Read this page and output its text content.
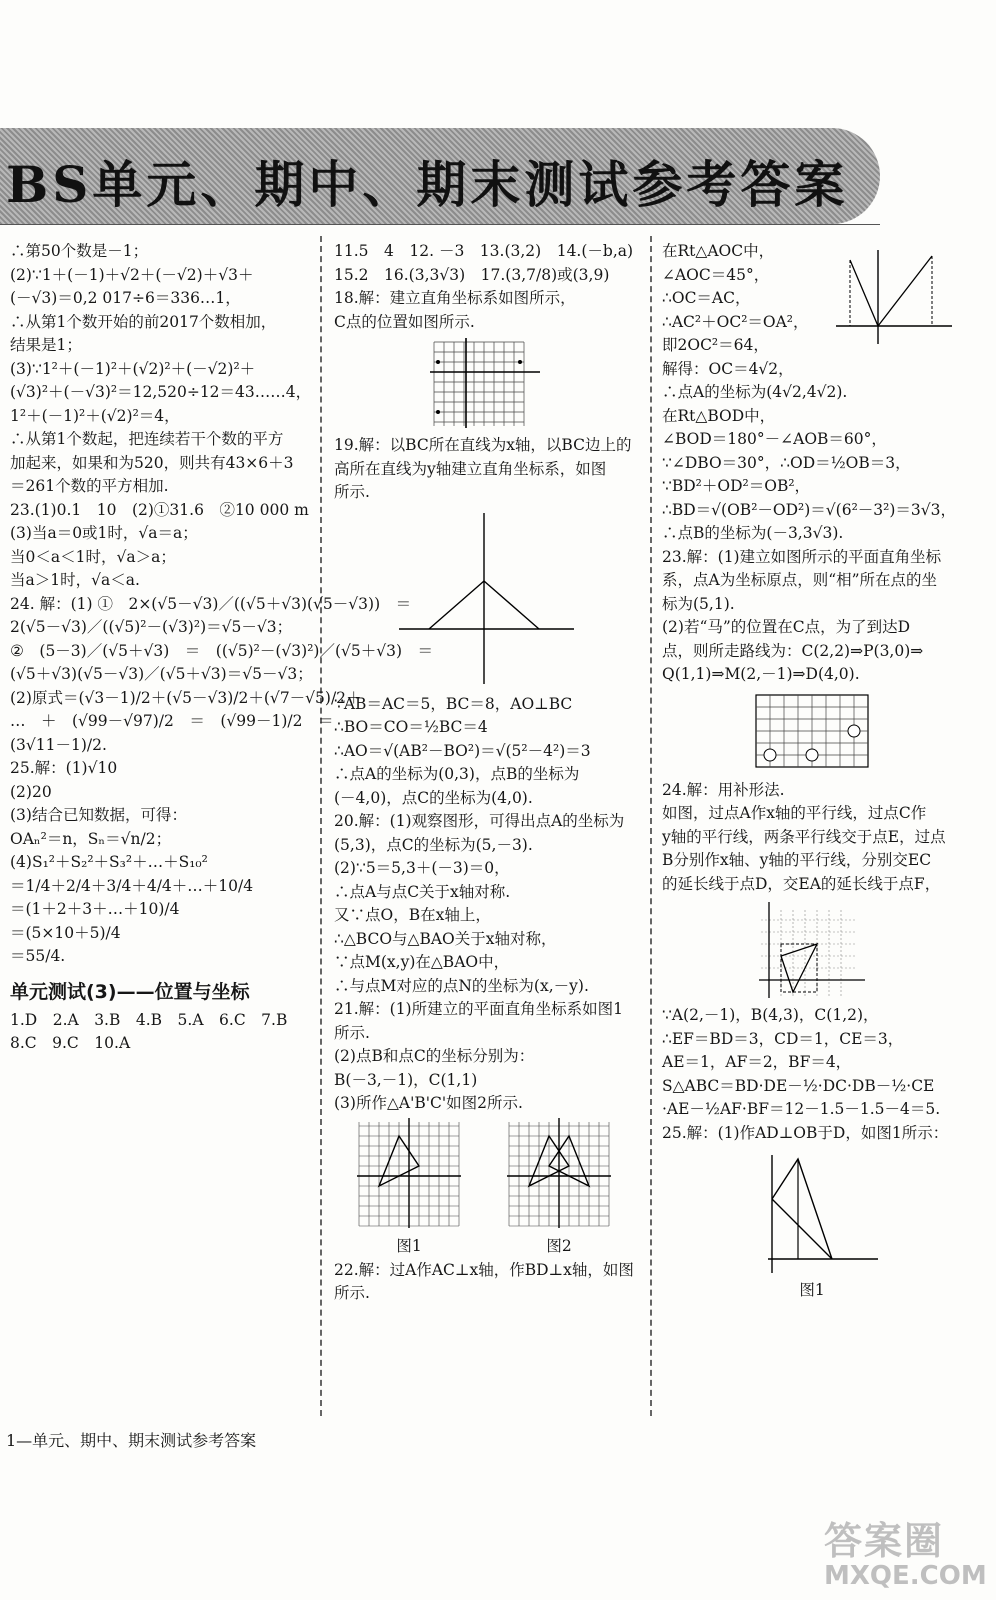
BS单元、期中、期末测试参考答案
∴第50个数是－1；
(2)∵1＋(－1)＋√2＋(－√2)＋√3＋
(－√3)＝0,2 017÷6＝336…1，
∴从第1个数开始的前2017个数相加，
结果是1；
(3)∵1²＋(－1)²＋(√2)²＋(－√2)²＋
(√3)²＋(－√3)²＝12,520÷12＝43……4，
1²＋(－1)²＋(√2)²＝4，
∴从第1个数起，把连续若干个数的平方
加起来，如果和为520，则共有43×6＋3
＝261个数的平方相加.
23.(1)0.1　10　(2)①31.6　②10 000 m
(3)当a＝0或1时，√a＝a；
当0＜a＜1时，√a＞a；
当a＞1时，√a＜a.
24. 解：(1) ①　2×(√5－√3)／((√5＋√3)(√5－√3))　＝
2(√5－√3)／((√5)²－(√3)²)＝√5－√3；
②　(5－3)／(√5＋√3)　＝　((√5)²－(√3)²)／(√5＋√3)　＝
(√5＋√3)(√5－√3)／(√5＋√3)＝√5－√3；
(2)原式＝(√3－1)/2＋(√5－√3)/2＋(√7－√5)/2＋
…　＋　(√99－√97)/2　＝　(√99－1)/2　＝
(3√11－1)/2.
25.解：(1)√10
(2)20
(3)结合已知数据，可得：
OAₙ²＝n，Sₙ＝√n/2；
(4)S₁²＋S₂²＋S₃²＋…＋S₁₀²
＝1/4＋2/4＋3/4＋4/4＋…＋10/4
＝(1＋2＋3＋…＋10)/4
＝(5×10＋5)/4
＝55/4.
单元测试(3)——位置与坐标
1.D　2.A　3.B　4.B　5.A　6.C　7.B
8.C　9.C　10.A
11.5　4　12. －3　13.(3,2)　14.(－b,a)
15.2　16.(3,3√3)　17.(3,7/8)或(3,9)
18.解：建立直角坐标系如图所示，
C点的位置如图所示.
19.解：以BC所在直线为x轴，以BC边上的
高所在直线为y轴建立直角坐标系，如图
所示.
∵AB＝AC＝5，BC＝8，AO⊥BC
∴BO＝CO＝½BC＝4
∴AO＝√(AB²－BO²)＝√(5²－4²)＝3
∴点A的坐标为(0,3)，点B的坐标为
(－4,0)，点C的坐标为(4,0).
20.解：(1)观察图形，可得出点A的坐标为
(5,3)，点C的坐标为(5,－3).
(2)∵5＝5,3＋(－3)＝0，
∴点A与点C关于x轴对称.
又∵点O，B在x轴上，
∴△BCO与△BAO关于x轴对称，
∵点M(x,y)在△BAO中，
∴与点M对应的点N的坐标为(x,－y).
21.解：(1)所建立的平面直角坐标系如图1
所示.
(2)点B和点C的坐标分别为：
B(－3,－1)，C(1,1)
(3)所作△A'B'C'如图2所示.
图1	图2
22.解：过A作AC⊥x轴，作BD⊥x轴，如图
所示.
在Rt△AOC中，
∠AOC＝45°，
∴OC＝AC，
∴AC²＋OC²＝OA²，
即2OC²＝64，
解得：OC＝4√2，
∴点A的坐标为(4√2,4√2).
在Rt△BOD中，
∠BOD＝180°－∠AOB＝60°，
∵∠DBO＝30°，∴OD＝½OB＝3，
∵BD²＋OD²＝OB²，
∴BD＝√(OB²－OD²)＝√(6²－3²)＝3√3，
∴点B的坐标为(－3,3√3).
23.解：(1)建立如图所示的平面直角坐标
系，点A为坐标原点，则“相”所在点的坐
标为(5,1).
(2)若“马”的位置在C点，为了到达D
点，则所走路线为：C(2,2)⇒P(3,0)⇒
Q(1,1)⇒M(2,－1)⇒D(4,0).
24.解：用补形法.
如图，过点A作x轴的平行线，过点C作
y轴的平行线，两条平行线交于点E，过点
B分别作x轴、y轴的平行线，分别交EC
的延长线于点D，交EA的延长线于点F，
∵A(2,－1)，B(4,3)，C(1,2)，
∴EF＝BD＝3，CD＝1，CE＝3，
AE＝1，AF＝2，BF＝4，
S△ABC＝BD·DE－½·DC·DB－½·CE
·AE－½AF·BF＝12－1.5－1.5－4＝5.
25.解：(1)作AD⊥OB于D，如图1所示：
图1
1—单元、期中、期末测试参考答案
答案圈
MXQE.COM
